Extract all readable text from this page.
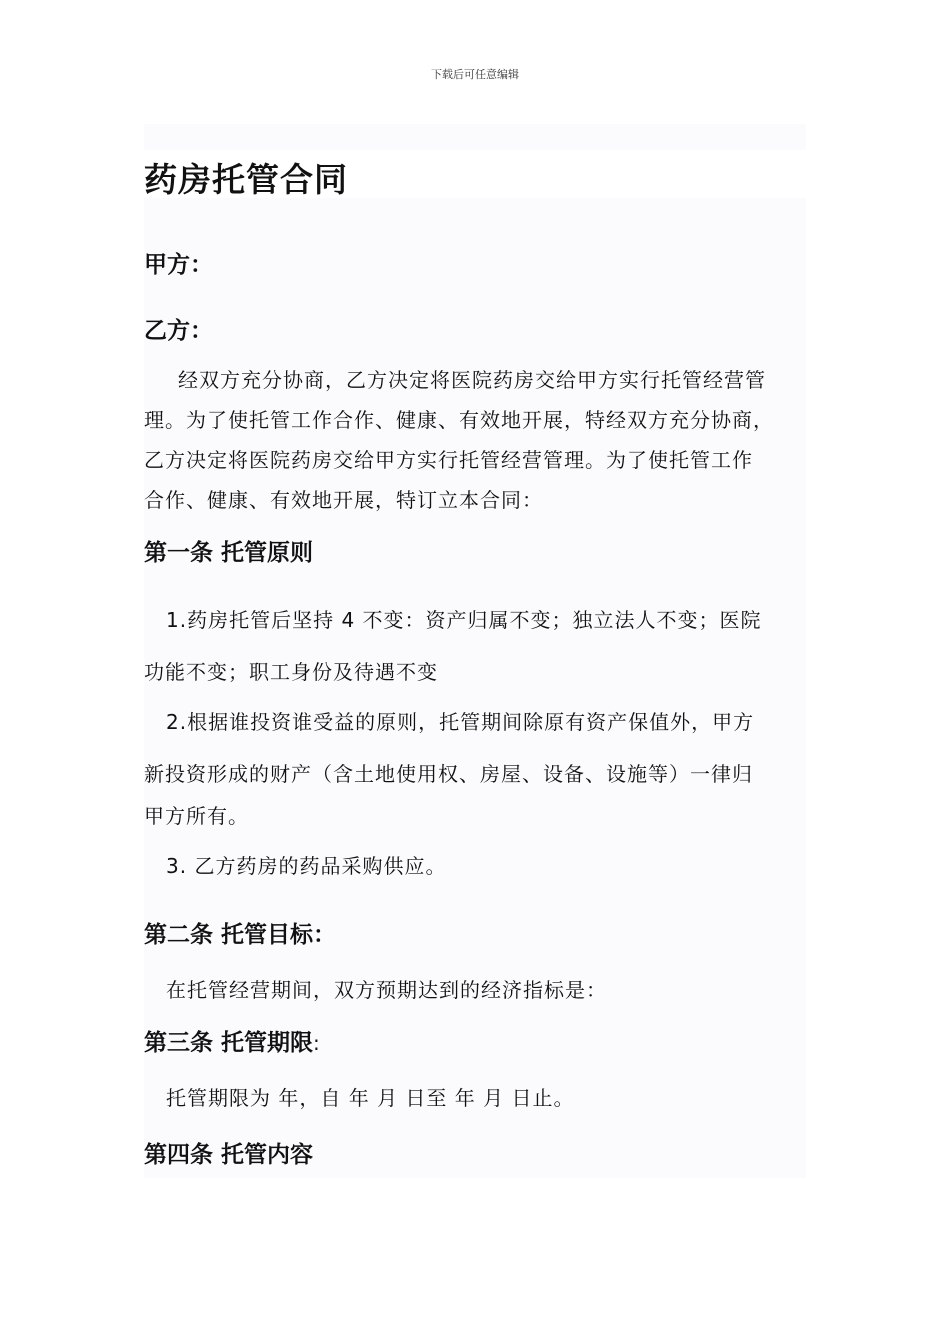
下载后可任意编辑
药房托管合同
甲方：
乙方：
经双方充分协商，乙方决定将医院药房交给甲方实行托管经营管
理。为了使托管工作合作、健康、有效地开展，特经双方充分协商，
乙方决定将医院药房交给甲方实行托管经营管理。为了使托管工作
合作、健康、有效地开展，特订立本合同：
第一条 托管原则
1.药房托管后坚持 4 不变：资产归属不变；独立法人不变；医院
功能不变；职工身份及待遇不变
2.根据谁投资谁受益的原则，托管期间除原有资产保值外，甲方
新投资形成的财产（含土地使用权、房屋、设备、设施等）一律归
甲方所有。
3. 乙方药房的药品采购供应。
第二条 托管目标：
在托管经营期间，双方预期达到的经济指标是：
第三条 托管期限:
托管期限为 年，自 年 月 日至 年 月 日止。
第四条 托管内容
